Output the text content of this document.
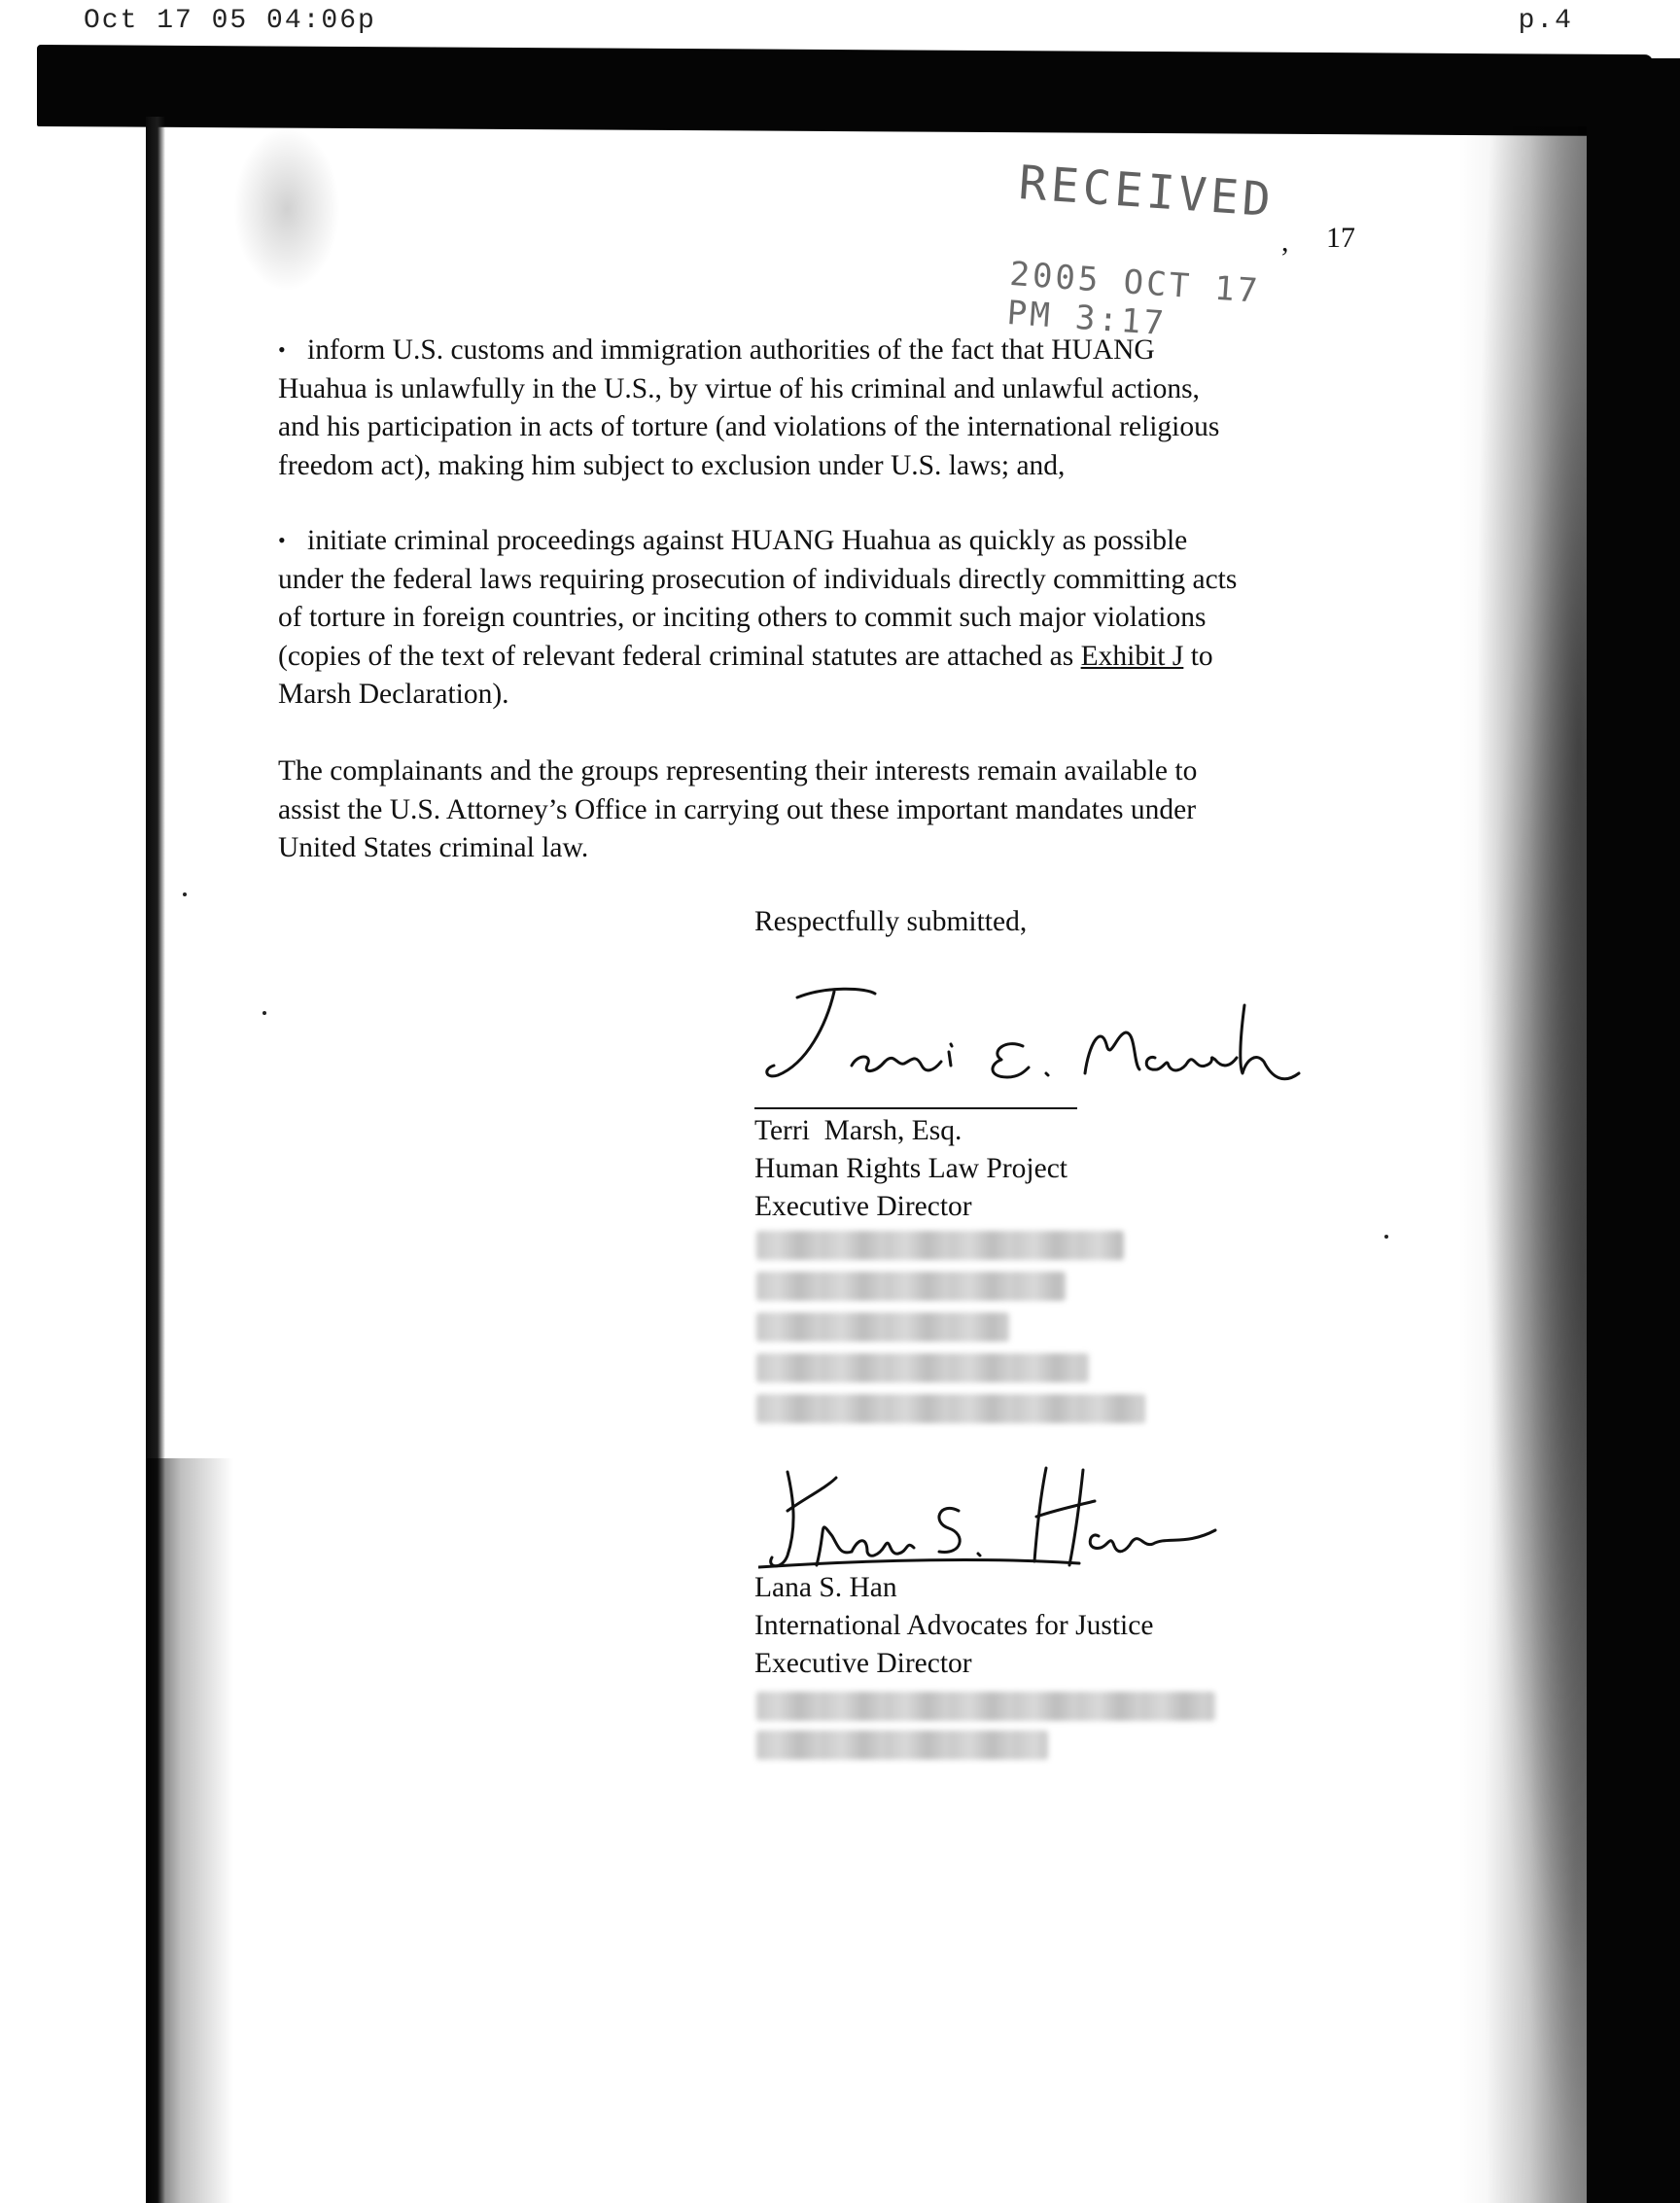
Oct 17 05 04:06p	p.4
RECEIVED
2005 OCT 17 PM 3:17
, 17
• inform U.S. customs and immigration authorities of the fact that HUANG
Huahua is unlawfully in the U.S., by virtue of his criminal and unlawful actions,
and his participation in acts of torture (and violations of the international religious
freedom act), making him subject to exclusion under U.S. laws; and,
• initiate criminal proceedings against HUANG Huahua as quickly as possible
under the federal laws requiring prosecution of individuals directly committing acts
of torture in foreign countries, or inciting others to commit such major violations
(copies of the text of relevant federal criminal statutes are attached as Exhibit J to
Marsh Declaration).
The complainants and the groups representing their interests remain available to
assist the U.S. Attorney’s Office in carrying out these important mandates under
United States criminal law.
Respectfully submitted,
Terri  Marsh, Esq.
Human Rights Law Project
Executive Director
Lana S. Han
International Advocates for Justice
Executive Director
